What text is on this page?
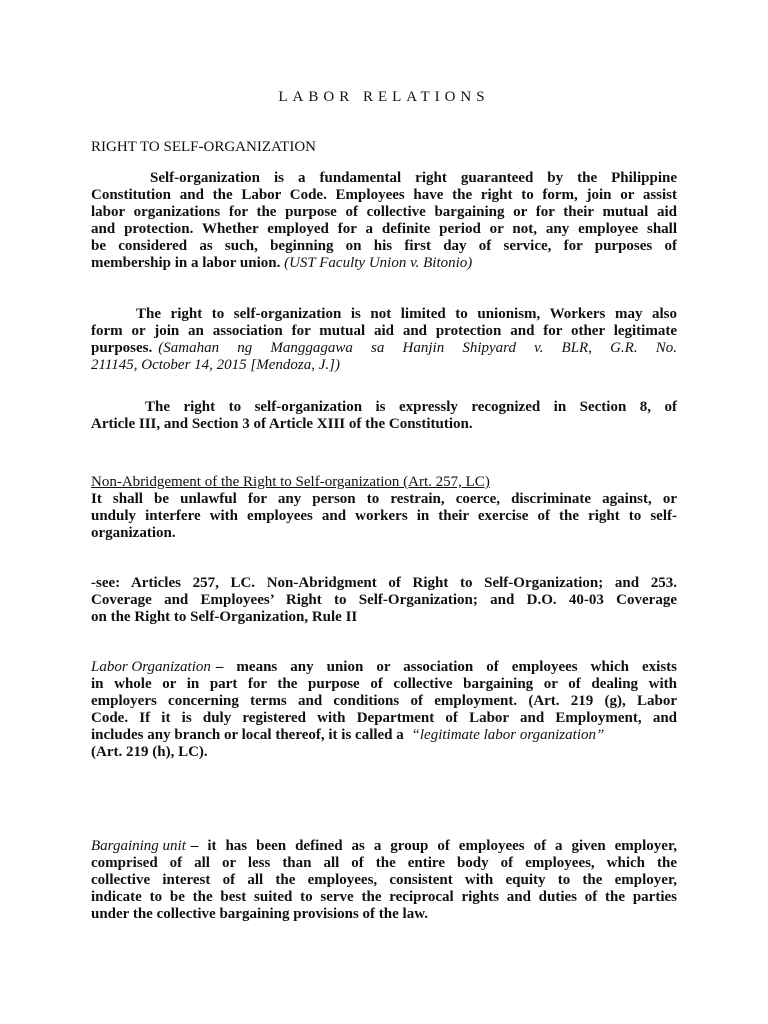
LABOR RELATIONS
RIGHT TO SELF-ORGANIZATION
Self-organization is a fundamental right guaranteed by the Philippine
Constitution and the Labor Code. Employees have the right to form, join or assist
labor organizations for the purpose of collective bargaining or for their mutual aid
and protection. Whether employed for a definite period or not, any employee shall
be considered as such, beginning on his first day of service, for purposes of
membership in a labor union. (UST Faculty Union v. Bitonio)
The right to self-organization is not limited to unionism, Workers may also
form or join an association for mutual aid and protection and for other legitimate
purposes. (Samahan ng Manggagawa sa Hanjin Shipyard v. BLR, G.R. No.
211145, October 14, 2015 [Mendoza, J.])
The right to self-organization is expressly recognized in Section 8, of
Article III, and Section 3 of Article XIII of the Constitution.
Non-Abridgement of the Right to Self-organization (Art. 257, LC)
It shall be unlawful for any person to restrain, coerce, discriminate against, or
unduly interfere with employees and workers in their exercise of the right to self-
organization.
-see: Articles 257, LC. Non-Abridgment of Right to Self-Organization; and 253.
Coverage and Employees’ Right to Self-Organization; and D.O. 40-03 Coverage
on the Right to Self-Organization, Rule II
Labor Organization – means any union or association of employees which exists
in whole or in part for the purpose of collective bargaining or of dealing with
employers concerning terms and conditions of employment. (Art. 219 (g), Labor
Code. If it is duly registered with Department of Labor and Employment, and
includes any branch or local thereof, it is called a “legitimate labor organization”
(Art. 219 (h), LC).
Bargaining unit – it has been defined as a group of employees of a given employer,
comprised of all or less than all of the entire body of employees, which the
collective interest of all the employees, consistent with equity to the employer,
indicate to be the best suited to serve the reciprocal rights and duties of the parties
under the collective bargaining provisions of the law.
